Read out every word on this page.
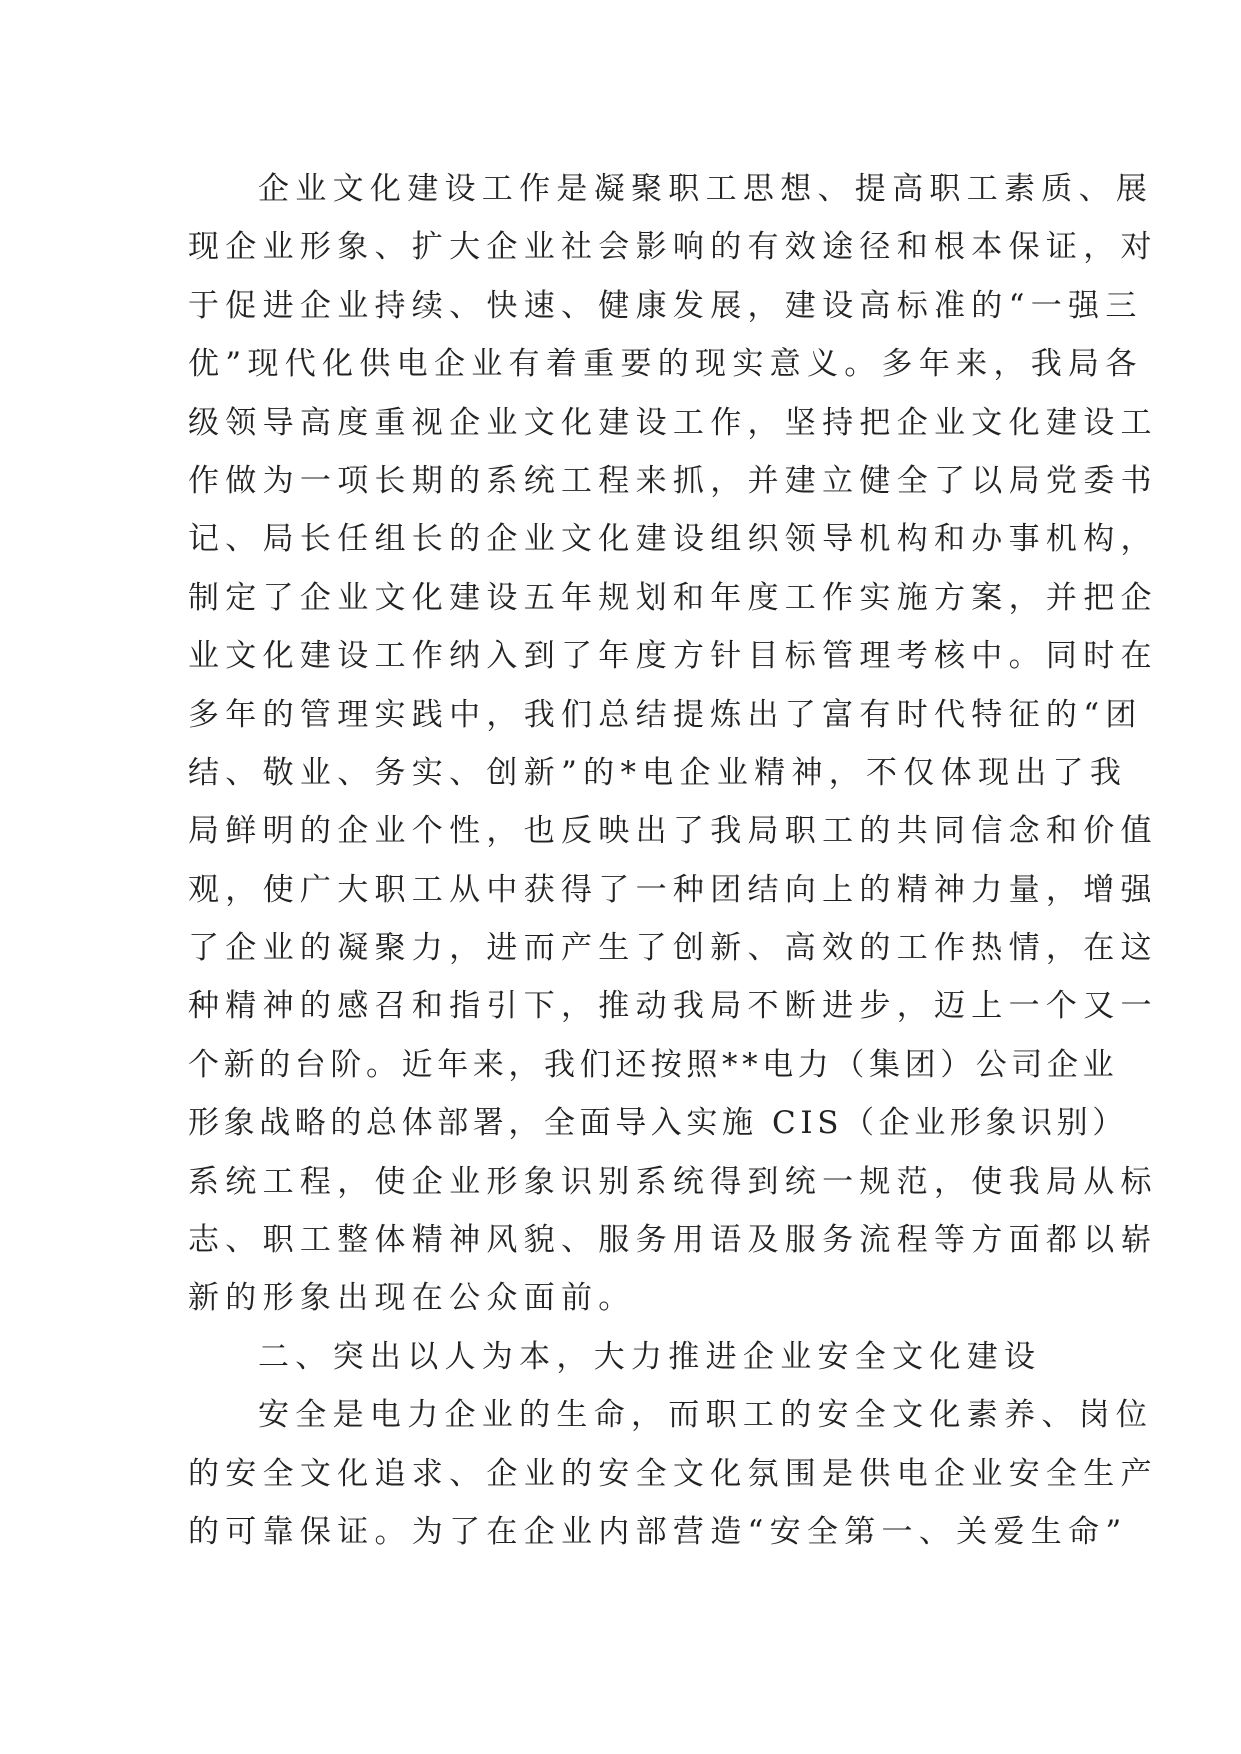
企业文化建设工作是凝聚职工思想、提高职工素质、展
现企业形象、扩大企业社会影响的有效途径和根本保证，对
于促进企业持续、快速、健康发展，建设高标准的“一强三
优”现代化供电企业有着重要的现实意义。多年来，我局各
级领导高度重视企业文化建设工作，坚持把企业文化建设工
作做为一项长期的系统工程来抓，并建立健全了以局党委书
记、局长任组长的企业文化建设组织领导机构和办事机构，
制定了企业文化建设五年规划和年度工作实施方案，并把企
业文化建设工作纳入到了年度方针目标管理考核中。同时在
多年的管理实践中，我们总结提炼出了富有时代特征的“团
结、敬业、务实、创新”的*电企业精神，不仅体现出了我
局鲜明的企业个性，也反映出了我局职工的共同信念和价值
观，使广大职工从中获得了一种团结向上的精神力量，增强
了企业的凝聚力，进而产生了创新、高效的工作热情，在这
种精神的感召和指引下，推动我局不断进步，迈上一个又一
个新的台阶。近年来，我们还按照**电力（集团）公司企业
形象战略的总体部署，全面导入实施 CIS（企业形象识别）
系统工程，使企业形象识别系统得到统一规范，使我局从标
志、职工整体精神风貌、服务用语及服务流程等方面都以崭
新的形象出现在公众面前。
二、突出以人为本，大力推进企业安全文化建设
安全是电力企业的生命，而职工的安全文化素养、岗位
的安全文化追求、企业的安全文化氛围是供电企业安全生产
的可靠保证。为了在企业内部营造“安全第一、关爱生命”
